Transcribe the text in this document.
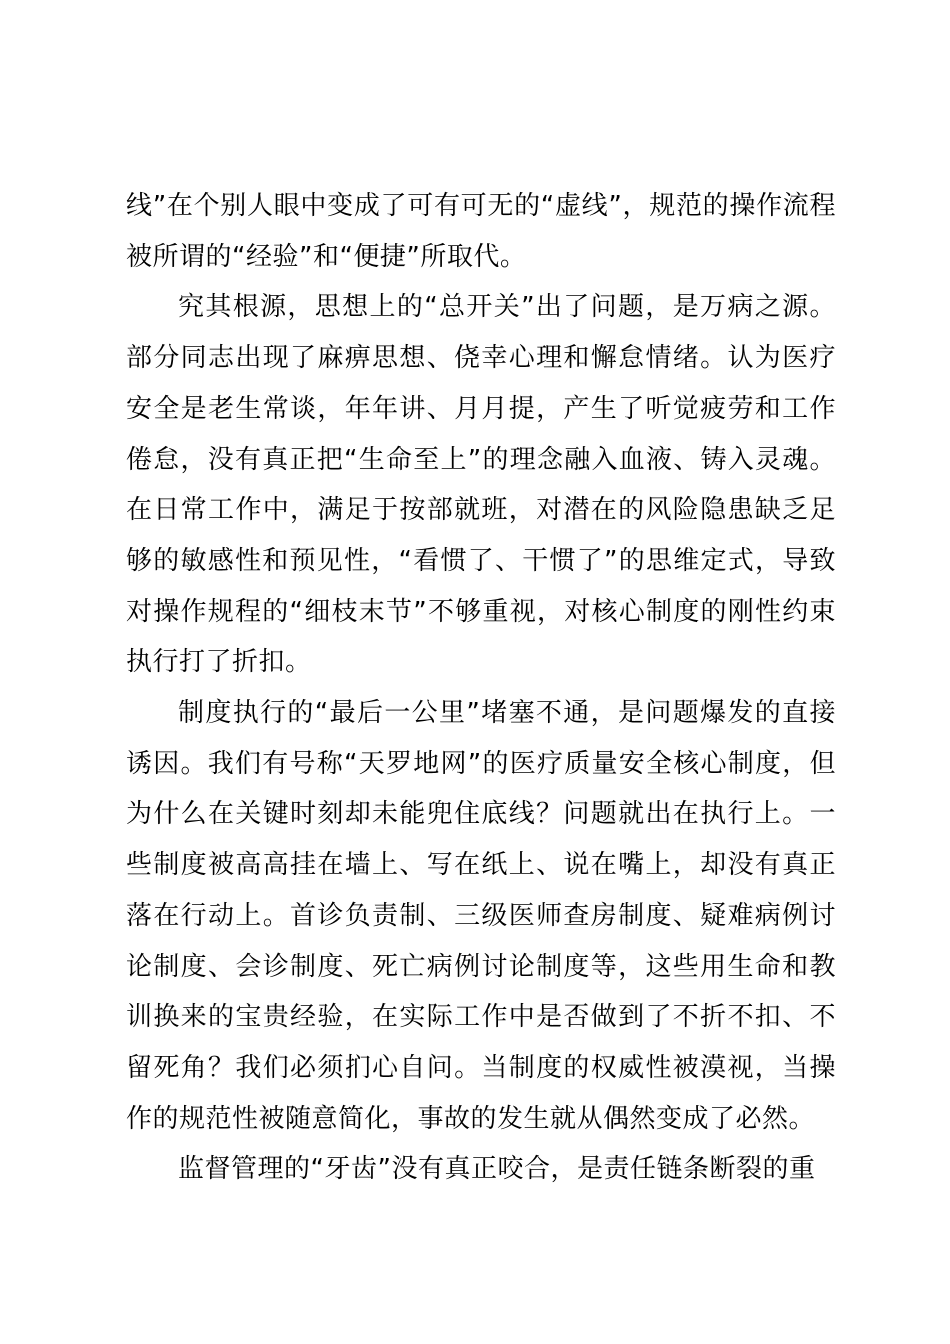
线”在个别人眼中变成了可有可无的“虚线”，规范的操作流程被所谓的“经验”和“便捷”所取代。

究其根源，思想上的“总开关”出了问题，是万病之源。部分同志出现了麻痹思想、侥幸心理和懈怠情绪。认为医疗安全是老生常谈，年年讲、月月提，产生了听觉疲劳和工作倦怠，没有真正把“生命至上”的理念融入血液、铸入灵魂。在日常工作中，满足于按部就班，对潜在的风险隐患缺乏足够的敏感性和预见性，“看惯了、干惯了”的思维定式，导致对操作规程的“细枝末节”不够重视，对核心制度的刚性约束执行打了折扣。

制度执行的“最后一公里”堵塞不通，是问题爆发的直接诱因。我们有号称“天罗地网”的医疗质量安全核心制度，但为什么在关键时刻却未能兜住底线？问题就出在执行上。一些制度被高高挂在墙上、写在纸上、说在嘴上，却没有真正落在行动上。首诊负责制、三级医师查房制度、疑难病例讨论制度、会诊制度、死亡病例讨论制度等，这些用生命和教训换来的宝贵经验，在实际工作中是否做到了不折不扣、不留死角？我们必须扪心自问。当制度的权威性被漠视，当操作的规范性被随意简化，事故的发生就从偶然变成了必然。

监督管理的“牙齿”没有真正咬合，是责任链条断裂的重
